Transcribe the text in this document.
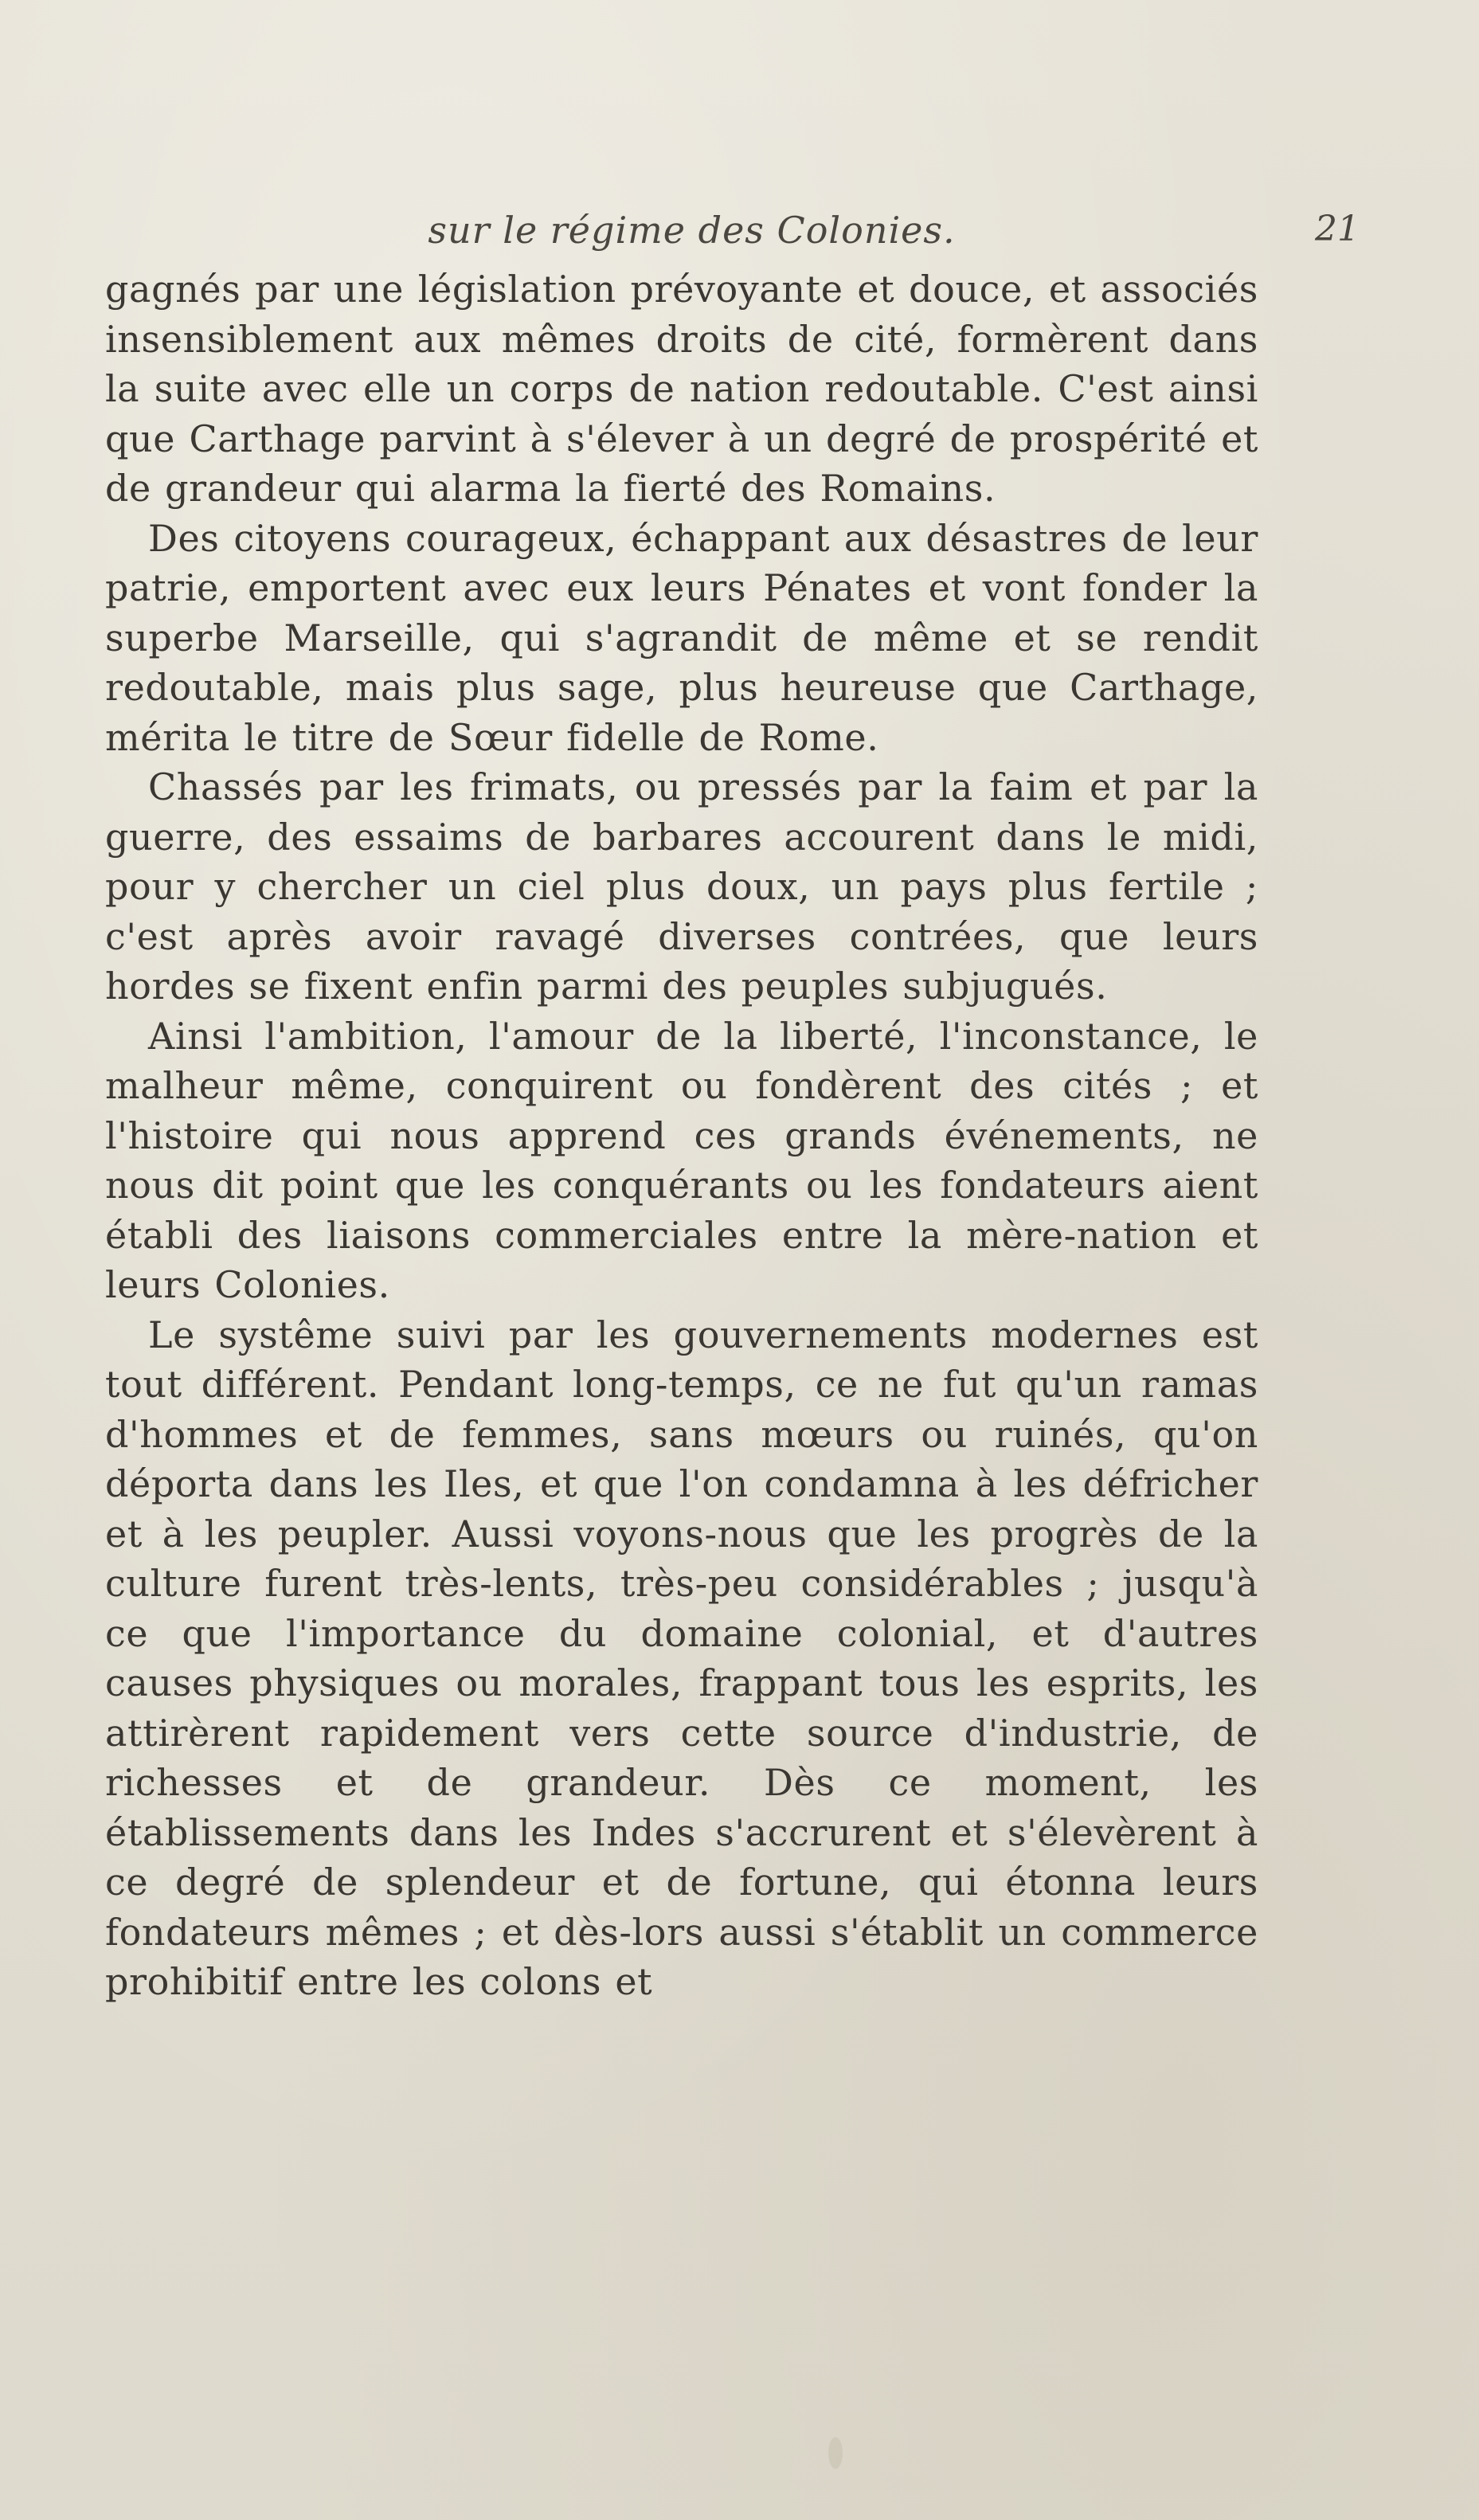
sur le régime des Colonies.	21

gagnés par une législation prévoyante et douce, et associés insensiblement aux mêmes droits de cité, formèrent dans la suite avec elle un corps de nation redoutable. C'est ainsi que Carthage parvint à s'élever à un degré de prospérité et de grandeur qui alarma la fierté des Romains.

Des citoyens courageux, échappant aux désastres de leur patrie, emportent avec eux leurs Pénates et vont fonder la superbe Marseille, qui s'agrandit de même et se rendit redoutable, mais plus sage, plus heureuse que Carthage, mérita le titre de Sœur fidelle de Rome.

Chassés par les frimats, ou pressés par la faim et par la guerre, des essaims de barbares accourent dans le midi, pour y chercher un ciel plus doux, un pays plus fertile ; c'est après avoir ravagé diverses contrées, que leurs hordes se fixent enfin parmi des peuples subjugués.

Ainsi l'ambition, l'amour de la liberté, l'inconstance, le malheur même, conquirent ou fondèrent des cités ; et l'histoire qui nous apprend ces grands événements, ne nous dit point que les conquérants ou les fondateurs aient établi des liaisons commerciales entre la mère-nation et leurs Colonies.

Le systême suivi par les gouvernements modernes est tout différent. Pendant long-temps, ce ne fut qu'un ramas d'hommes et de femmes, sans mœurs ou ruinés, qu'on déporta dans les Iles, et que l'on condamna à les défricher et à les peupler. Aussi voyons-nous que les progrès de la culture furent très-lents, très-peu considérables ; jusqu'à ce que l'importance du domaine colonial, et d'autres causes physiques ou morales, frappant tous les esprits, les attirèrent rapidement vers cette source d'industrie, de richesses et de grandeur. Dès ce moment, les établissements dans les Indes s'accrurent et s'élevèrent à ce degré de splendeur et de fortune, qui étonna leurs fondateurs mêmes ; et dès-lors aussi s'établit un commerce prohibitif entre les colons et
